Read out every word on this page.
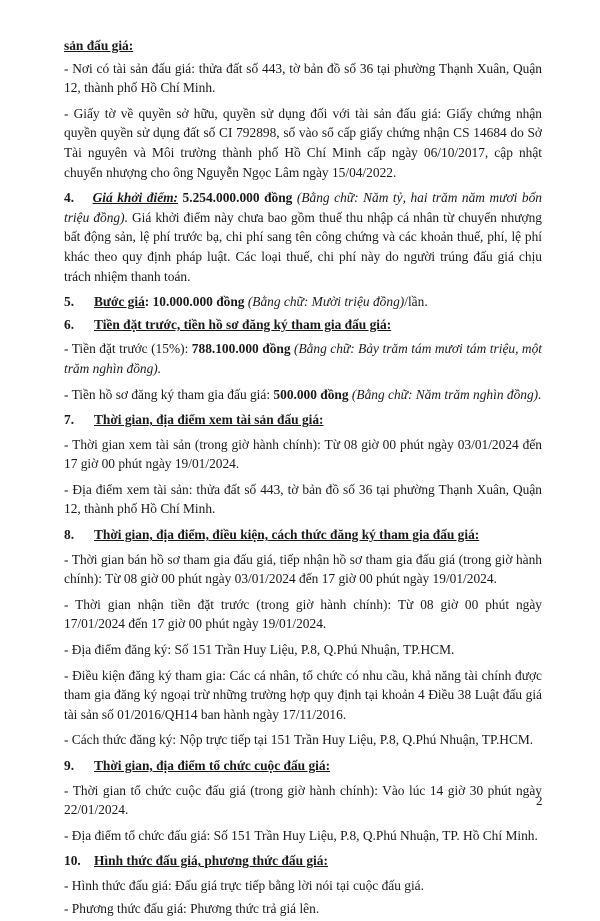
sản đấu giá:

- Nơi có tài sản đấu giá: thửa đất số 443, tờ bản đồ số 36 tại phường Thạnh Xuân, Quận 12, thành phố Hồ Chí Minh.

- Giấy tờ về quyền sở hữu, quyền sử dụng đối với tài sản đấu giá: Giấy chứng nhận quyền quyền sử dụng đất số CI 792898, số vào sổ cấp giấy chứng nhận CS 14684 do Sở Tài nguyên và Môi trường thành phố Hồ Chí Minh cấp ngày 06/10/2017, cập nhật chuyển nhượng cho ông Nguyễn Ngọc Lâm ngày 15/04/2022.

4. Giá khởi điểm: 5.254.000.000 đồng (Bằng chữ: Năm tỷ, hai trăm năm mươi bốn triệu đồng). Giá khởi điểm này chưa bao gồm thuế thu nhập cá nhân từ chuyển nhượng bất động sản, lệ phí trước bạ, chi phí sang tên công chứng và các khoản thuế, phí, lệ phí khác theo quy định pháp luật. Các loại thuế, chi phí này do người trúng đấu giá chịu trách nhiệm thanh toán.

5. Bước giá: 10.000.000 đồng (Bằng chữ: Mười triệu đồng)/lần.

6.	Tiền đặt trước, tiền hồ sơ đăng ký tham gia đấu giá:

- Tiền đặt trước (15%): 788.100.000 đồng (Bằng chữ: Bảy trăm tám mươi tám triệu, một trăm nghìn đồng).

- Tiền hồ sơ đăng ký tham gia đấu giá: 500.000 đồng (Bằng chữ: Năm trăm nghìn đồng).

7.	Thời gian, địa điểm xem tài sản đấu giá:

- Thời gian xem tài sản (trong giờ hành chính): Từ 08 giờ 00 phút ngày 03/01/2024 đến 17 giờ 00 phút ngày 19/01/2024.

- Địa điểm xem tài sản: thửa đất số 443, tờ bản đồ số 36 tại phường Thạnh Xuân, Quận 12, thành phố Hồ Chí Minh.

8.	Thời gian, địa điểm, điều kiện, cách thức đăng ký tham gia đấu giá:

- Thời gian bán hồ sơ tham gia đấu giá, tiếp nhận hồ sơ tham gia đấu giá (trong giờ hành chính): Từ 08 giờ 00 phút ngày 03/01/2024 đến 17 giờ 00 phút ngày 19/01/2024.

- Thời gian nhận tiền đặt trước (trong giờ hành chính): Từ 08 giờ 00 phút ngày 17/01/2024 đến 17 giờ 00 phút ngày 19/01/2024.

- Địa điểm đăng ký: Số 151 Trần Huy Liệu, P.8, Q.Phú Nhuận, TP.HCM.

- Điều kiện đăng ký tham gia: Các cá nhân, tổ chức có nhu cầu, khả năng tài chính được tham gia đăng ký ngoại trừ những trường hợp quy định tại khoản 4 Điều 38 Luật đấu giá tài sản số 01/2016/QH14 ban hành ngày 17/11/2016.

- Cách thức đăng ký: Nộp trực tiếp tại 151 Trần Huy Liệu, P.8, Q.Phú Nhuận, TP.HCM.

9.	Thời gian, địa điểm tổ chức cuộc đấu giá:

- Thời gian tổ chức cuộc đấu giá (trong giờ hành chính): Vào lúc 14 giờ 30 phút ngày 22/01/2024.

- Địa điểm tổ chức đấu giá: Số 151 Trần Huy Liệu, P.8, Q.Phú Nhuận, TP. Hồ Chí Minh.

10. Hình thức đấu giá, phương thức đấu giá:

- Hình thức đấu giá: Đấu giá trực tiếp bằng lời nói tại cuộc đấu giá.

- Phương thức đấu giá: Phương thức trả giá lên.

2
